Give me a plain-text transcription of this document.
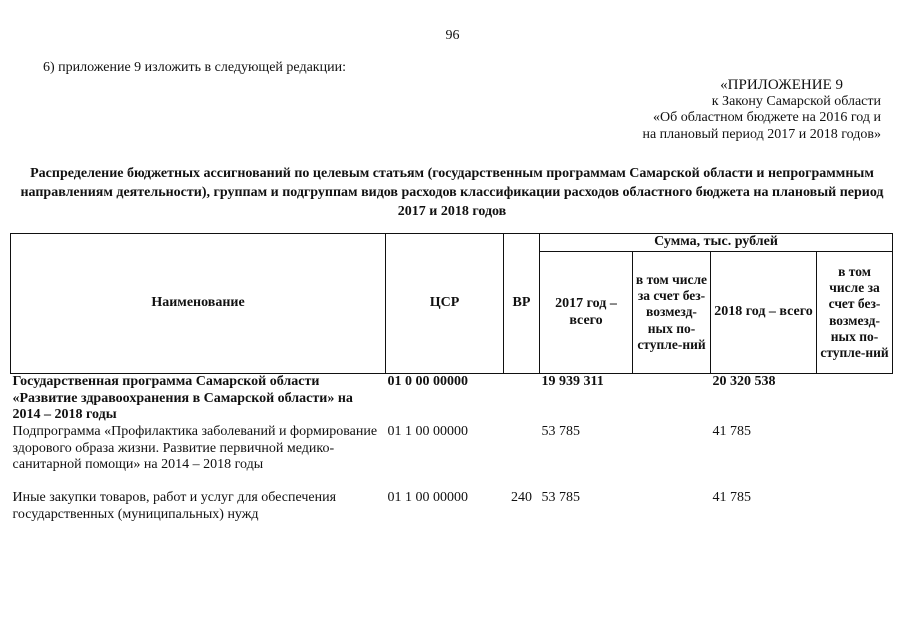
96
6) приложение 9 изложить в следующей редакции:
«ПРИЛОЖЕНИЕ 9
к Закону Самарской области
«Об областном бюджете на 2016 год и
на плановый период 2017 и 2018 годов»
Распределение бюджетных ассигнований по целевым статьям (государственным программам Самарской области и непрограммным направлениям деятельности), группам и подгруппам видов расходов классификации расходов областного бюджета на плановый период 2017 и 2018 годов
Наименование	ЦСР	ВР	Сумма, тыс. рублей			
			2017 год – всего	в том числе за счет без-возмезд-ных по-ступле-ний	2018 год – всего	в том числе за счет без-возмезд-ных по-ступле-ний
Государственная программа Самарской области «Развитие здравоохранения в Самарской области» на 2014 – 2018 годы	01 0 00 00000		19 939 311		20 320 538	
Подпрограмма «Профилактика заболеваний и формирование здорового образа жизни. Развитие первичной медико-санитарной помощи» на 2014 – 2018 годы	01 1 00 00000		53 785		41 785	
Иные закупки товаров, работ и услуг для обеспечения государственных (муниципальных) нужд	01 1 00 00000	240	53 785		41 785	
